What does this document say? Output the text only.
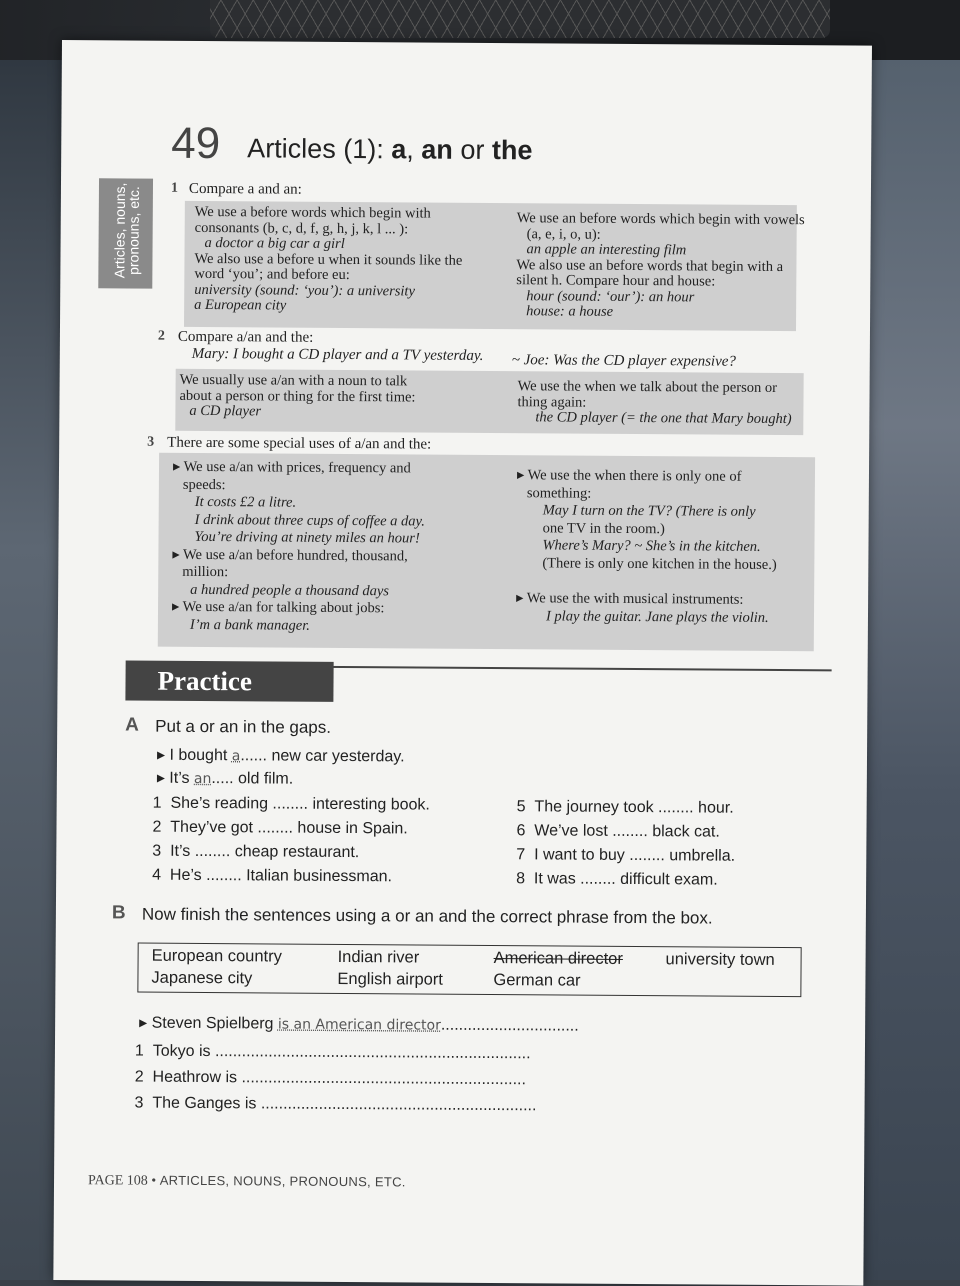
49 Articles (1): a, an or the
Articles, nouns, pronouns, etc. 1 Compare a and an:
We use a before words which begin with
consonants (b, c, d, f, g, h, j, k, l ... ):
a doctor a big car a girl
We also use a before u when it sounds like the
word ‘you’; and before eu:
university (sound: ‘you’): a university
a European city
We use an before words which begin with vowels
(a, e, i, o, u):
an apple an interesting film
We also use an before words that begin with a
silent h. Compare hour and house:
hour (sound: ‘our’): an hour
house: a house
2 Compare a/an and the:
Mary: I bought a CD player and a TV yesterday. ~ Joe: Was the CD player expensive?
We usually use a/an with a noun to talk
about a person or thing for the first time:
a CD player
We use the when we talk about the person or
thing again:
the CD player (= the one that Mary bought)
3 There are some special uses of a/an and the:
▸ We use a/an with prices, frequency and
speeds:
It costs £2 a litre.
I drink about three cups of coffee a day.
You’re driving at ninety miles an hour!
▸ We use a/an before hundred, thousand,
million:
a hundred people a thousand days
▸ We use a/an for talking about jobs:
I’m a bank manager.
▸ We use the when there is only one of
something:
May I turn on the TV? (There is only
one TV in the room.)
Where’s Mary? ~ She’s in the kitchen.
(There is only one kitchen in the house.)
▸ We use the with musical instruments:
I play the guitar. Jane plays the violin.
Practice
A Put a or an in the gaps.
▸ I bought a...... new car yesterday.
▸ It’s an..... old film.
1 She’s reading ........ interesting book.
2 They’ve got ........ house in Spain.
3 It’s ........ cheap restaurant.
4 He’s ........ Italian businessman.
5 The journey took ........ hour.
6 We’ve lost ........ black cat.
7 I want to buy ........ umbrella.
8 It was ........ difficult exam.
B Now finish the sentences using a or an and the correct phrase from the box.
European country	Indian river	American director	university town
Japanese city	English airport	German car
▸ Steven Spielberg is an American director...............................
1 Tokyo is .......................................................................
2 Heathrow is ................................................................
3 The Ganges is ..............................................................
PAGE 108 • ARTICLES, NOUNS, PRONOUNS, ETC.
